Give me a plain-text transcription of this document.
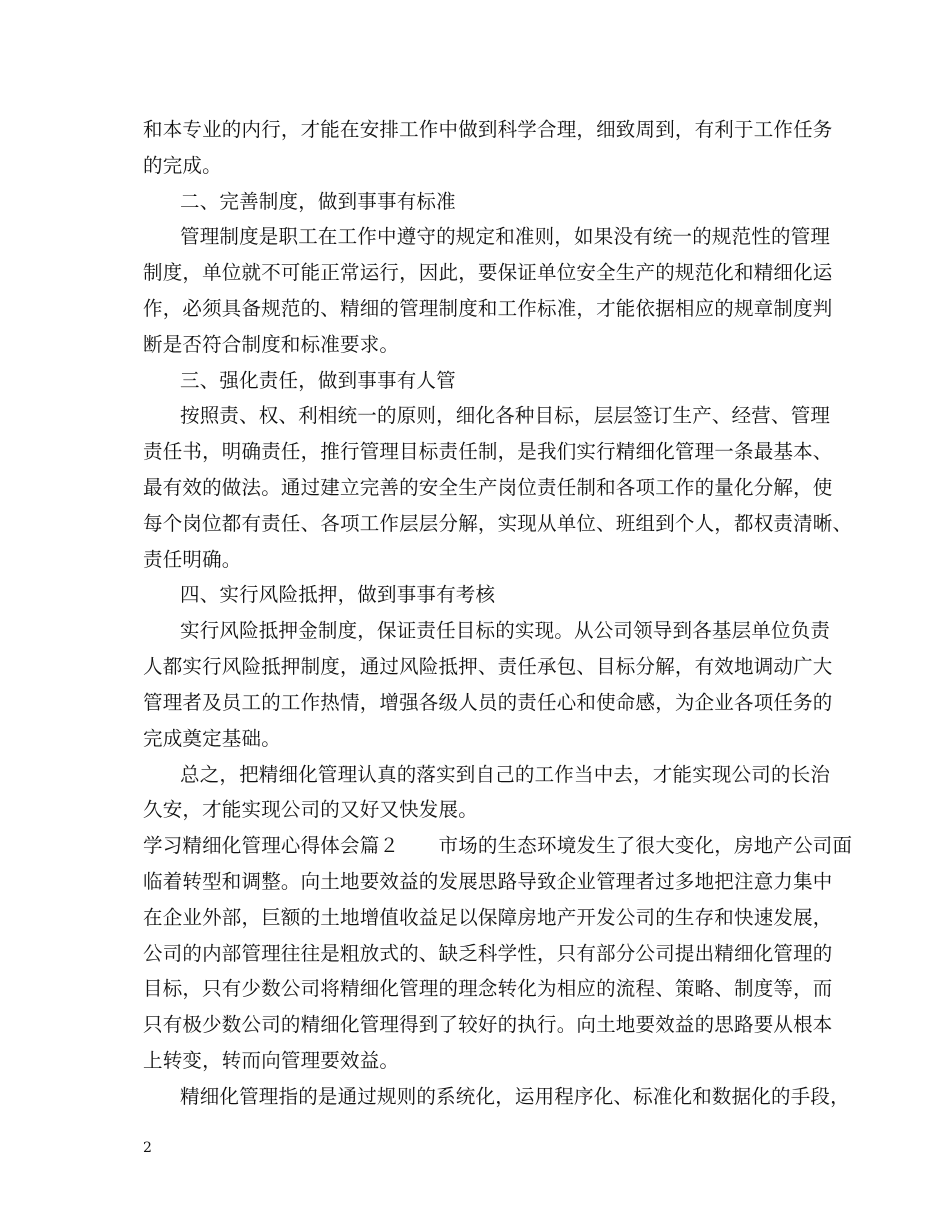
和本专业的内行，才能在安排工作中做到科学合理，细致周到，有利于工作任务
的完成。
二、完善制度，做到事事有标准
管理制度是职工在工作中遵守的规定和准则，如果没有统一的规范性的管理
制度，单位就不可能正常运行，因此，要保证单位安全生产的规范化和精细化运
作，必须具备规范的、精细的管理制度和工作标准，才能依据相应的规章制度判
断是否符合制度和标准要求。
三、强化责任，做到事事有人管
按照责、权、利相统一的原则，细化各种目标，层层签订生产、经营、管理
责任书，明确责任，推行管理目标责任制，是我们实行精细化管理一条最基本、
最有效的做法。通过建立完善的安全生产岗位责任制和各项工作的量化分解，使
每个岗位都有责任、各项工作层层分解，实现从单位、班组到个人，都权责清晰、
责任明确。
四、实行风险抵押，做到事事有考核
实行风险抵押金制度，保证责任目标的实现。从公司领导到各基层单位负责
人都实行风险抵押制度，通过风险抵押、责任承包、目标分解，有效地调动广大
管理者及员工的工作热情，增强各级人员的责任心和使命感，为企业各项任务的
完成奠定基础。
总之，把精细化管理认真的落实到自己的工作当中去，才能实现公司的长治
久安，才能实现公司的又好又快发展。
学习精细化管理心得体会篇２　　市场的生态环境发生了很大变化，房地产公司面
临着转型和调整。向土地要效益的发展思路导致企业管理者过多地把注意力集中
在企业外部，巨额的土地增值收益足以保障房地产开发公司的生存和快速发展，
公司的内部管理往往是粗放式的、缺乏科学性，只有部分公司提出精细化管理的
目标，只有少数公司将精细化管理的理念转化为相应的流程、策略、制度等，而
只有极少数公司的精细化管理得到了较好的执行。向土地要效益的思路要从根本
上转变，转而向管理要效益。
精细化管理指的是通过规则的系统化，运用程序化、标准化和数据化的手段，
2
